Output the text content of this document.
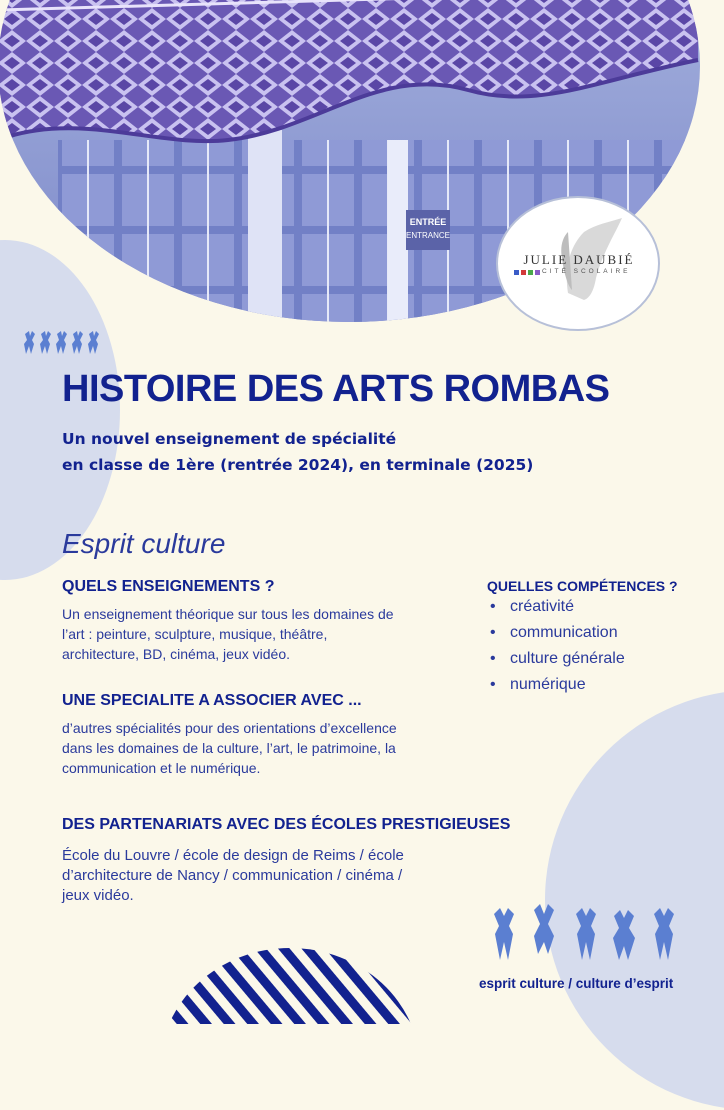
ENTRÉE
ENTRANCE
JULIE DAUBIÉ
CITÉ SCOLAIRE
HISTOIRE DES ARTS ROMBAS
Un nouvel enseignement de spécialité
en classe de 1ère (rentrée 2024), en terminale (2025)
Esprit culture
QUELS ENSEIGNEMENTS ?
Un enseignement théorique sur tous les domaines de
l’art : peinture, sculpture, musique, théâtre,
architecture, BD, cinéma, jeux vidéo.
UNE SPECIALITE A ASSOCIER AVEC ...
d’autres spécialités pour des orientations d’excellence
dans les domaines de la culture, l’art, le patrimoine, la
communication et le numérique.
QUELLES COMPÉTENCES ?
• créativité
• communication
• culture générale
• numérique
DES PARTENARIATS AVEC DES ÉCOLES PRESTIGIEUSES
École du Louvre / école de design de Reims / école
d’architecture de Nancy / communication / cinéma /
jeux vidéo.
esprit culture / culture d’esprit
